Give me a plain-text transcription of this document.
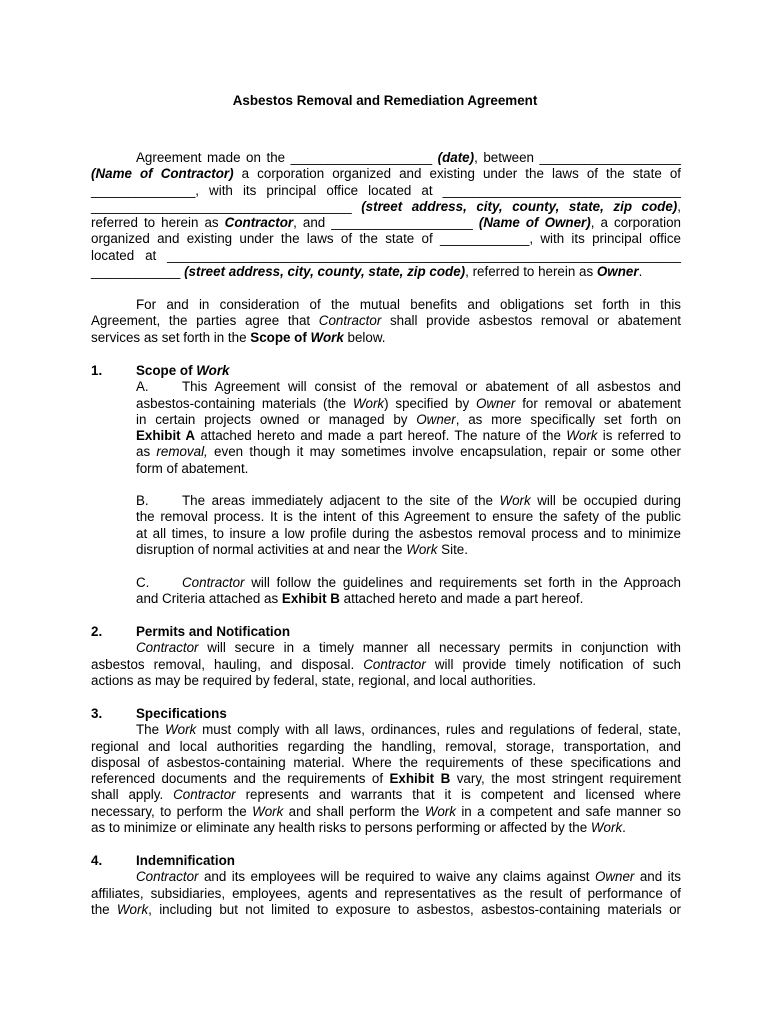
Asbestos Removal and Remediation Agreement
Agreement made on the ___________________ (date), between ___________________
(Name of Contractor) a corporation organized and existing under the laws of the state of
______________, with its principal office located at ________________________________
___________________________________ (street address, city, county, state, zip code),
referred to herein as Contractor, and ___________________ (Name of Owner), a corporation
organized and existing under the laws of the state of ____________, with its principal office
located at _____________________________________________________________________
____________ (street address, city, county, state, zip code), referred to herein as Owner.
For and in consideration of the mutual benefits and obligations set forth in this
Agreement, the parties agree that Contractor shall provide asbestos removal or abatement
services as set forth in the Scope of Work below.
1.	Scope of Work
A. This Agreement will consist of the removal or abatement of all asbestos and
asbestos-containing materials (the Work) specified by Owner for removal or abatement
in certain projects owned or managed by Owner, as more specifically set forth on
Exhibit A attached hereto and made a part hereof. The nature of the Work is referred to
as removal, even though it may sometimes involve encapsulation, repair or some other
form of abatement.
B. The areas immediately adjacent to the site of the Work will be occupied during
the removal process. It is the intent of this Agreement to ensure the safety of the public
at all times, to insure a low profile during the asbestos removal process and to minimize
disruption of normal activities at and near the Work Site.
C. Contractor will follow the guidelines and requirements set forth in the Approach
and Criteria attached as Exhibit B attached hereto and made a part hereof.
2.	Permits and Notification
Contractor will secure in a timely manner all necessary permits in conjunction with
asbestos removal, hauling, and disposal. Contractor will provide timely notification of such
actions as may be required by federal, state, regional, and local authorities.
3.	Specifications
The Work must comply with all laws, ordinances, rules and regulations of federal, state,
regional and local authorities regarding the handling, removal, storage, transportation, and
disposal of asbestos-containing material. Where the requirements of these specifications and
referenced documents and the requirements of Exhibit B vary, the most stringent requirement
shall apply. Contractor represents and warrants that it is competent and licensed where
necessary, to perform the Work and shall perform the Work in a competent and safe manner so
as to minimize or eliminate any health risks to persons performing or affected by the Work.
4.	Indemnification
Contractor and its employees will be required to waive any claims against Owner and its
affiliates, subsidiaries, employees, agents and representatives as the result of performance of
the Work, including but not limited to exposure to asbestos, asbestos-containing materials or
